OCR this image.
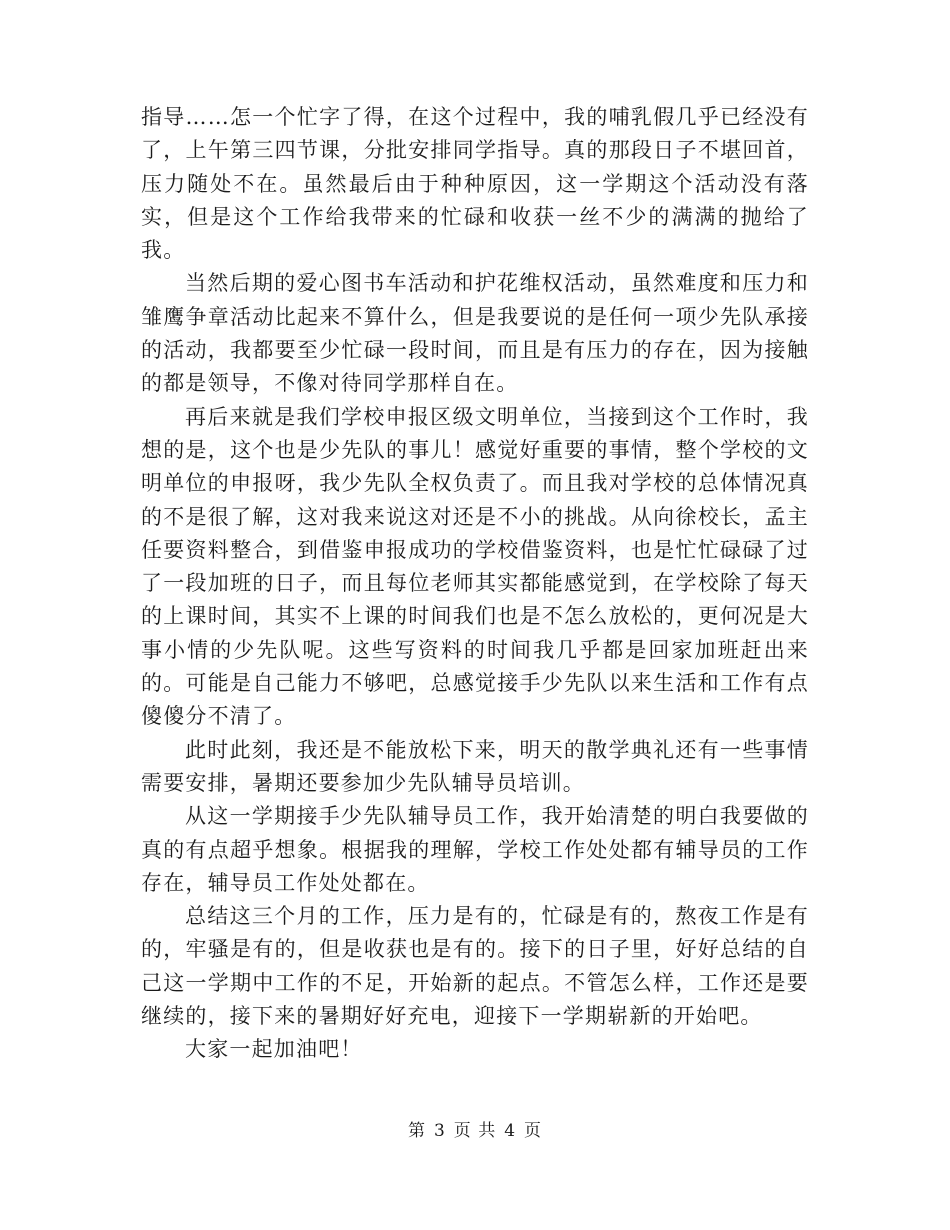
指导……怎一个忙字了得，在这个过程中，我的哺乳假几乎已经没有了，上午第三四节课，分批安排同学指导。真的那段日子不堪回首，压力随处不在。虽然最后由于种种原因，这一学期这个活动没有落实，但是这个工作给我带来的忙碌和收获一丝不少的满满的抛给了我。

当然后期的爱心图书车活动和护花维权活动，虽然难度和压力和雏鹰争章活动比起来不算什么，但是我要说的是任何一项少先队承接的活动，我都要至少忙碌一段时间，而且是有压力的存在，因为接触的都是领导，不像对待同学那样自在。

再后来就是我们学校申报区级文明单位，当接到这个工作时，我想的是，这个也是少先队的事儿！感觉好重要的事情，整个学校的文明单位的申报呀，我少先队全权负责了。而且我对学校的总体情况真的不是很了解，这对我来说这对还是不小的挑战。从向徐校长，孟主任要资料整合，到借鉴申报成功的学校借鉴资料，也是忙忙碌碌了过了一段加班的日子，而且每位老师其实都能感觉到，在学校除了每天的上课时间，其实不上课的时间我们也是不怎么放松的，更何况是大事小情的少先队呢。这些写资料的时间我几乎都是回家加班赶出来的。可能是自己能力不够吧，总感觉接手少先队以来生活和工作有点傻傻分不清了。

此时此刻，我还是不能放松下来，明天的散学典礼还有一些事情需要安排，暑期还要参加少先队辅导员培训。

从这一学期接手少先队辅导员工作，我开始清楚的明白我要做的真的有点超乎想象。根据我的理解，学校工作处处都有辅导员的工作存在，辅导员工作处处都在。

总结这三个月的工作，压力是有的，忙碌是有的，熬夜工作是有的，牢骚是有的，但是收获也是有的。接下的日子里，好好总结的自己这一学期中工作的不足，开始新的起点。不管怎么样，工作还是要继续的，接下来的暑期好好充电，迎接下一学期崭新的开始吧。

大家一起加油吧！

第 3 页 共 4 页
